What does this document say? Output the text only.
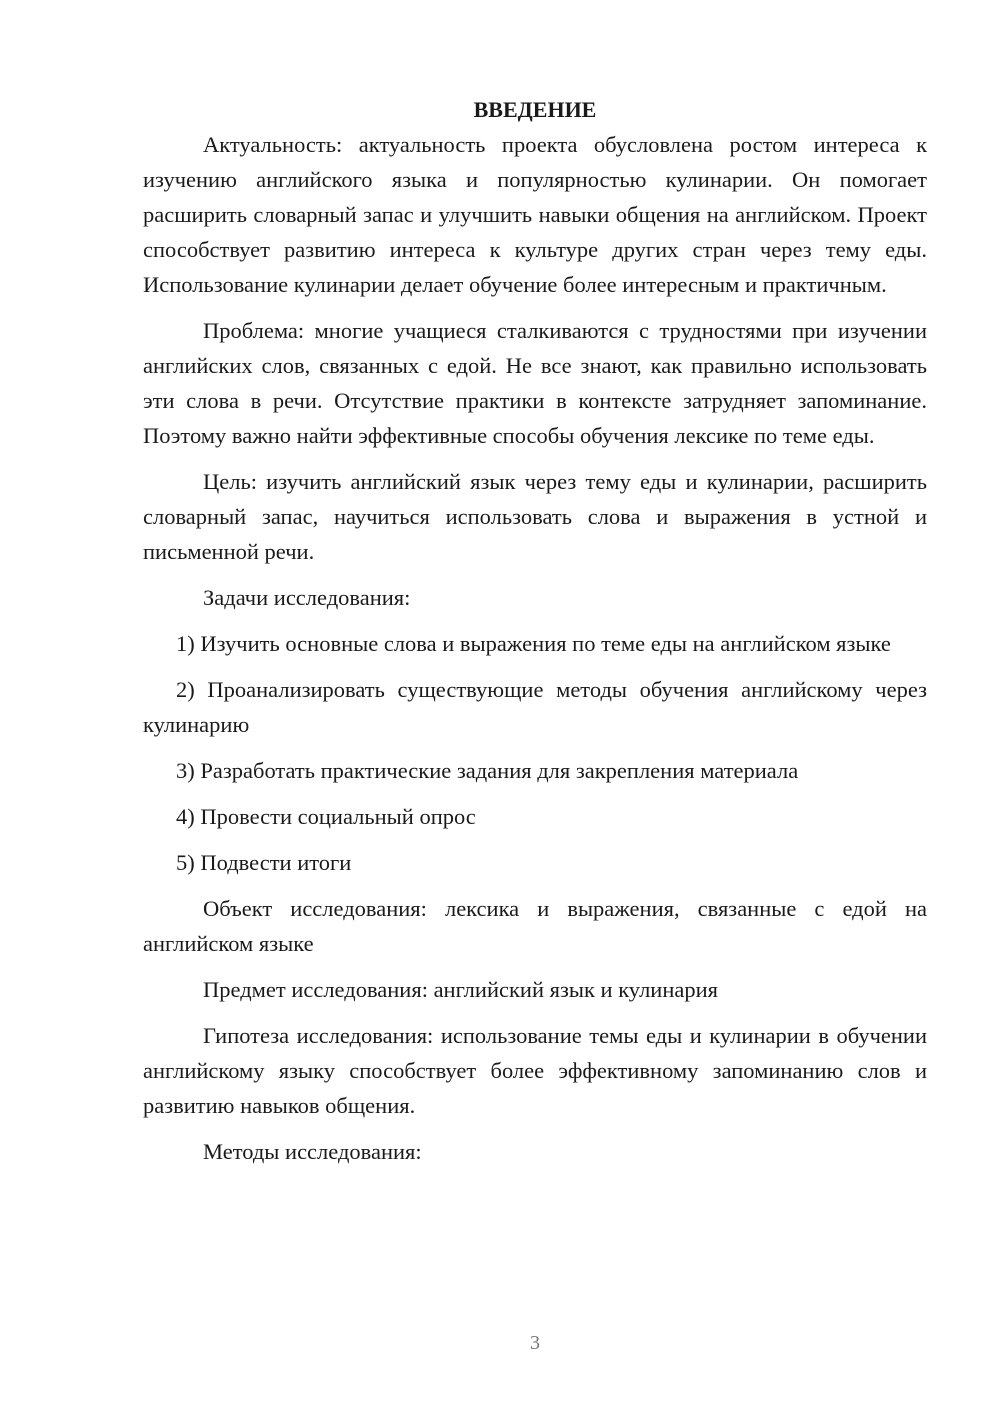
ВВЕДЕНИЕ

Актуальность: актуальность проекта обусловлена ростом интереса к изучению английского языка и популярностью кулинарии. Он помогает расширить словарный запас и улучшить навыки общения на английском. Проект способствует развитию интереса к культуре других стран через тему еды. Использование кулинарии делает обучение более интересным и практичным.

Проблема: многие учащиеся сталкиваются с трудностями при изучении английских слов, связанных с едой. Не все знают, как правильно использовать эти слова в речи. Отсутствие практики в контексте затрудняет запоминание. Поэтому важно найти эффективные способы обучения лексике по теме еды.

Цель: изучить английский язык через тему еды и кулинарии, расширить словарный запас, научиться использовать слова и выражения в устной и письменной речи.

Задачи исследования:

1) Изучить основные слова и выражения по теме еды на английском языке

2) Проанализировать существующие методы обучения английскому через кулинарию

3) Разработать практические задания для закрепления материала

4) Провести социальный опрос

5) Подвести итоги

Объект исследования: лексика и выражения, связанные с едой на английском языке

Предмет исследования: английский язык и кулинария

Гипотеза исследования: использование темы еды и кулинарии в обучении английскому языку способствует более эффективному запоминанию слов и развитию навыков общения.

Методы исследования:

3
